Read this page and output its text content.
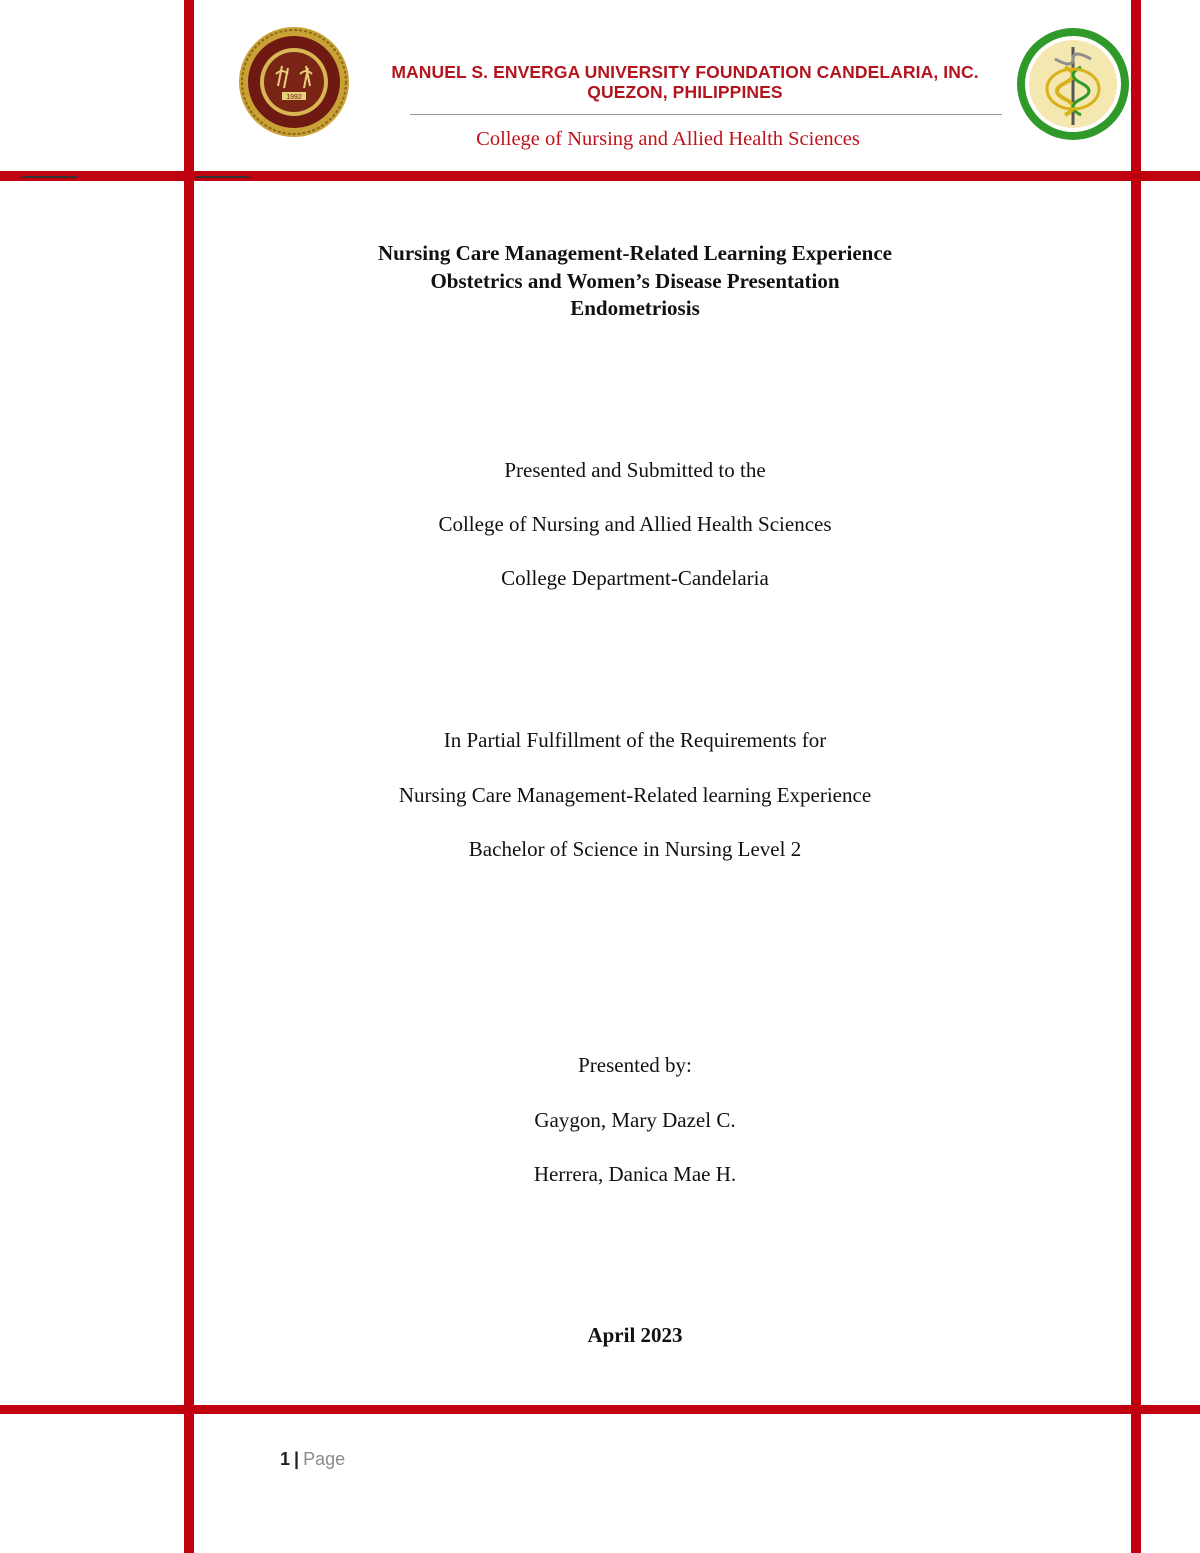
1992
MANUEL S. ENVERGA UNIVERSITY FOUNDATION CANDELARIA, INC.
QUEZON, PHILIPPINES
College of Nursing and Allied Health Sciences
Nursing Care Management-Related Learning Experience
Obstetrics and Women’s Disease Presentation
Endometriosis
Presented and Submitted to the
College of Nursing and Allied Health Sciences
College Department-Candelaria
In Partial Fulfillment of the Requirements for
Nursing Care Management-Related learning Experience
Bachelor of Science in Nursing Level 2
Presented by:
Gaygon, Mary Dazel C.
Herrera, Danica Mae H.
April 2023
1 | Page
